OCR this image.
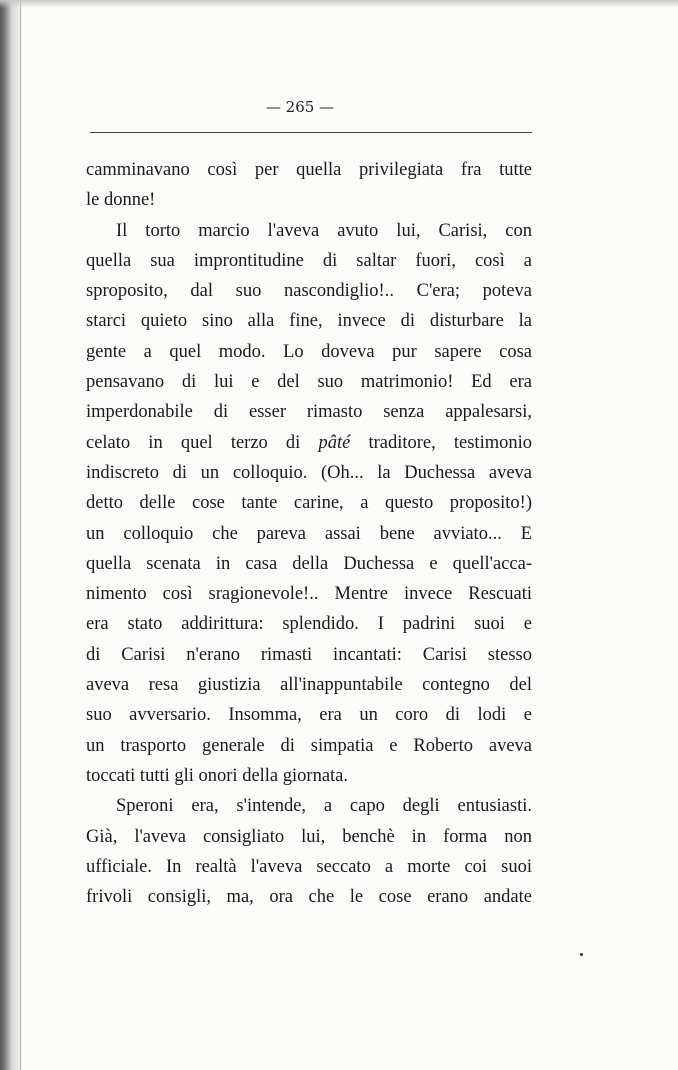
— 265 —
camminavano così per quella privilegiata fra tutte
le donne!
Il torto marcio l'aveva avuto lui, Carisi, con
quella sua improntitudine di saltar fuori, così a
sproposito, dal suo nascondiglio!.. C'era; poteva
starci quieto sino alla fine, invece di disturbare la
gente a quel modo. Lo doveva pur sapere cosa
pensavano di lui e del suo matrimonio! Ed era
imperdonabile di esser rimasto senza appalesarsi,
celato in quel terzo di pâté traditore, testimonio
indiscreto di un colloquio. (Oh... la Duchessa aveva
detto delle cose tante carine, a questo proposito!)
un colloquio che pareva assai bene avviato... E
quella scenata in casa della Duchessa e quell'acca-
nimento così sragionevole!.. Mentre invece Rescuati
era stato addirittura: splendido. I padrini suoi e
di Carisi n'erano rimasti incantati: Carisi stesso
aveva resa giustizia all'inappuntabile contegno del
suo avversario. Insomma, era un coro di lodi e
un trasporto generale di simpatia e Roberto aveva
toccati tutti gli onori della giornata.
Speroni era, s'intende, a capo degli entusiasti.
Già, l'aveva consigliato lui, benchè in forma non
ufficiale. In realtà l'aveva seccato a morte coi suoi
frivoli consigli, ma, ora che le cose erano andate
